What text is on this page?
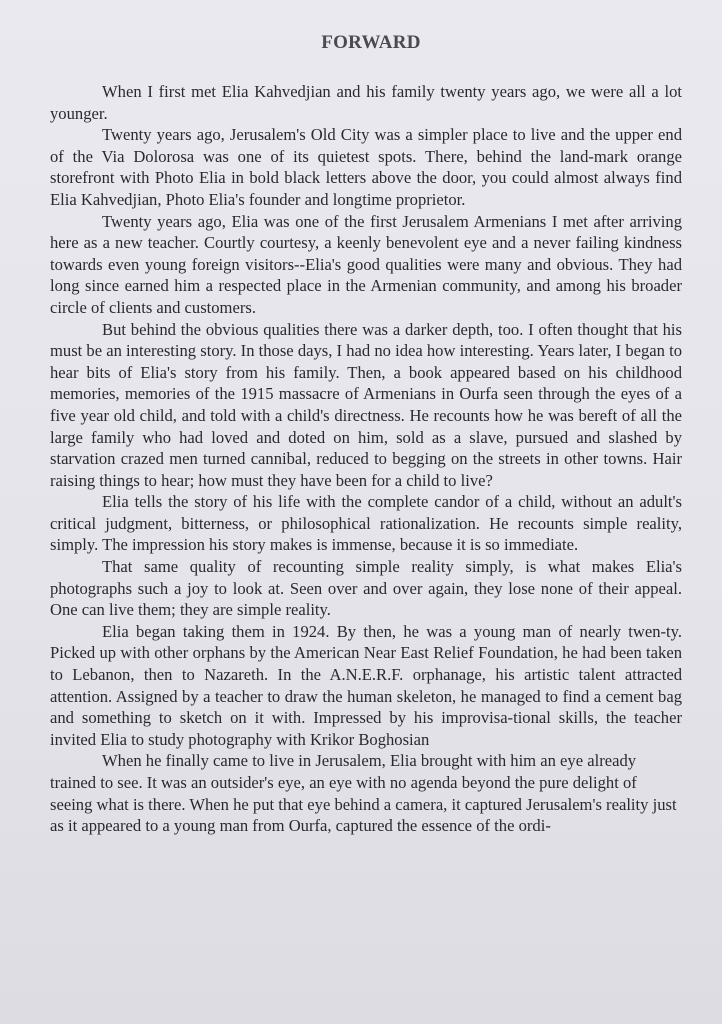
FORWARD

When I first met Elia Kahvedjian and his family twenty years ago, we were all a lot younger.

Twenty years ago, Jerusalem's Old City was a simpler place to live and the upper end of the Via Dolorosa was one of its quietest spots. There, behind the land-mark orange storefront with Photo Elia in bold black letters above the door, you could almost always find Elia Kahvedjian, Photo Elia's founder and longtime proprietor.

Twenty years ago, Elia was one of the first Jerusalem Armenians I met after arriving here as a new teacher. Courtly courtesy, a keenly benevolent eye and a never failing kindness towards even young foreign visitors--Elia's good qualities were many and obvious. They had long since earned him a respected place in the Armenian community, and among his broader circle of clients and customers.

But behind the obvious qualities there was a darker depth, too. I often thought that his must be an interesting story. In those days, I had no idea how interesting. Years later, I began to hear bits of Elia's story from his family. Then, a book appeared based on his childhood memories, memories of the 1915 massacre of Armenians in Ourfa seen through the eyes of a five year old child, and told with a child's directness. He recounts how he was bereft of all the large family who had loved and doted on him, sold as a slave, pursued and slashed by starvation crazed men turned cannibal, reduced to begging on the streets in other towns. Hair raising things to hear; how must they have been for a child to live?

Elia tells the story of his life with the complete candor of a child, without an adult's critical judgment, bitterness, or philosophical rationalization. He recounts simple reality, simply. The impression his story makes is immense, because it is so immediate.

That same quality of recounting simple reality simply, is what makes Elia's photographs such a joy to look at. Seen over and over again, they lose none of their appeal. One can live them; they are simple reality.

Elia began taking them in 1924. By then, he was a young man of nearly twen-ty. Picked up with other orphans by the American Near East Relief Foundation, he had been taken to Lebanon, then to Nazareth. In the A.N.E.R.F. orphanage, his artistic talent attracted attention. Assigned by a teacher to draw the human skeleton, he managed to find a cement bag and something to sketch on it with. Impressed by his improvisa-tional skills, the teacher invited Elia to study photography with Krikor Boghosian

When he finally came to live in Jerusalem, Elia brought with him an eye already trained to see. It was an outsider's eye, an eye with no agenda beyond the pure delight of seeing what is there. When he put that eye behind a camera, it captured Jerusalem's reality just as it appeared to a young man from Ourfa, captured the essence of the ordi-
